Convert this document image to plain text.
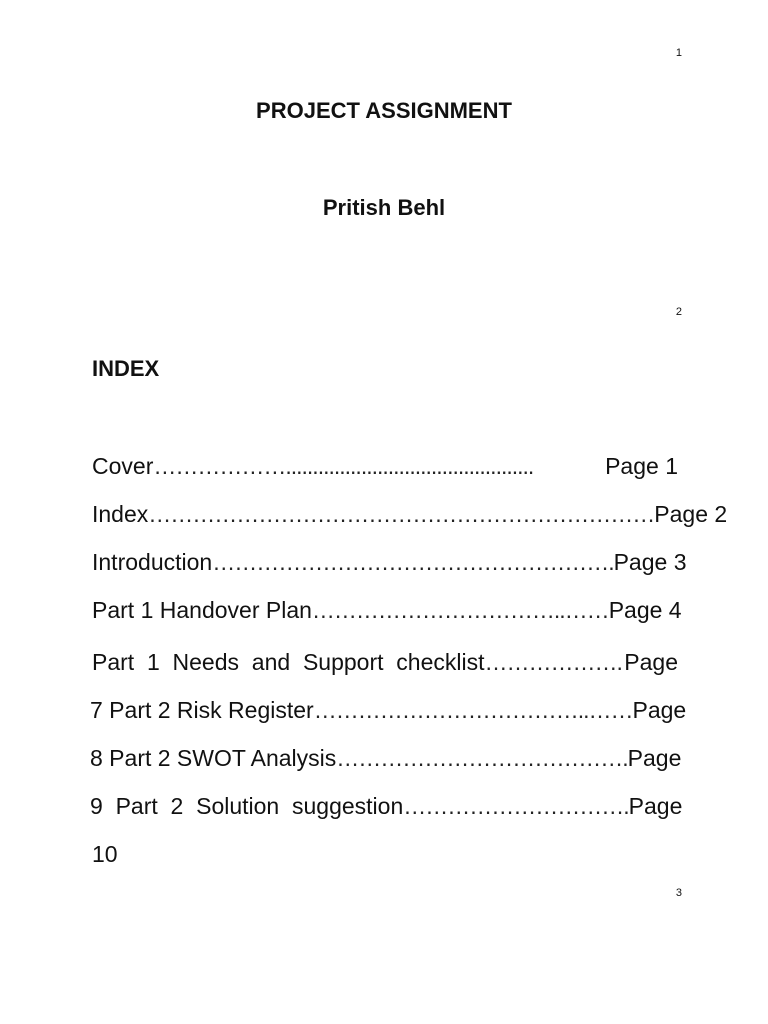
1
PROJECT ASSIGNMENT
Pritish Behl
2
INDEX
Cover………………..............................................	Page 1
Index…………………………………………………………… Page 2
Introduction………………………………………………. Page 3
Part 1 Handover Plan……………………………..…… Page 4
Part  1  Needs  and  Support  checklist………………. Page
7 Part 2 Risk Register………………………………..…… Page
8 Part 2 SWOT Analysis…………………………………. Page
9  Part  2  Solution  suggestion…………………………. Page
10
3
